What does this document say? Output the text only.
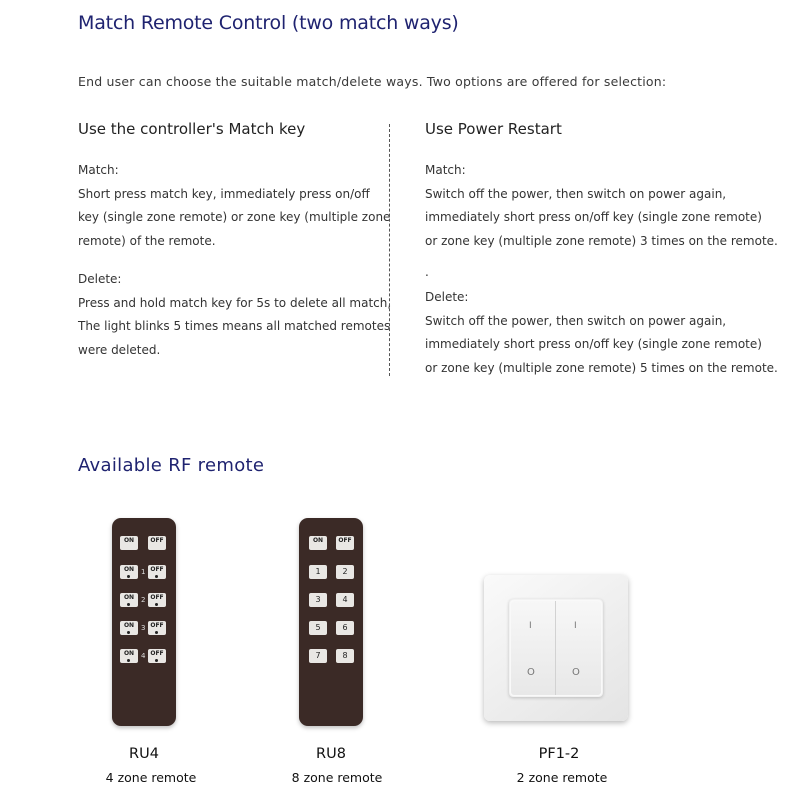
Match Remote Control (two match ways)
End user can choose the suitable match/delete ways. Two options are offered for selection:
Use the controller's Match key
Match:
Short press match key, immediately press on/off
key (single zone remote) or zone key (multiple zone
remote) of the remote.
Delete:
Press and hold match key for 5s to delete all match,
The light blinks 5 times means all matched remotes
were deleted.
Use Power Restart
Match:
Switch off the power, then switch on power again,
immediately short press on/off key (single zone remote)
or zone key (multiple zone remote) 3 times on the remote.
.
Delete:
Switch off the power, then switch on power again,
immediately short press on/off key (single zone remote)
or zone key (multiple zone remote) 5 times on the remote.
Available RF remote
ON	OFF
ON 1 OFF
ON 2 OFF
ON 3 OFF
ON 4 OFF
ON	OFF
1	2
3	4
5	6
7	8
I
O
I
O
RU4
4 zone remote
RU8
8 zone remote
PF1-2
2 zone remote
